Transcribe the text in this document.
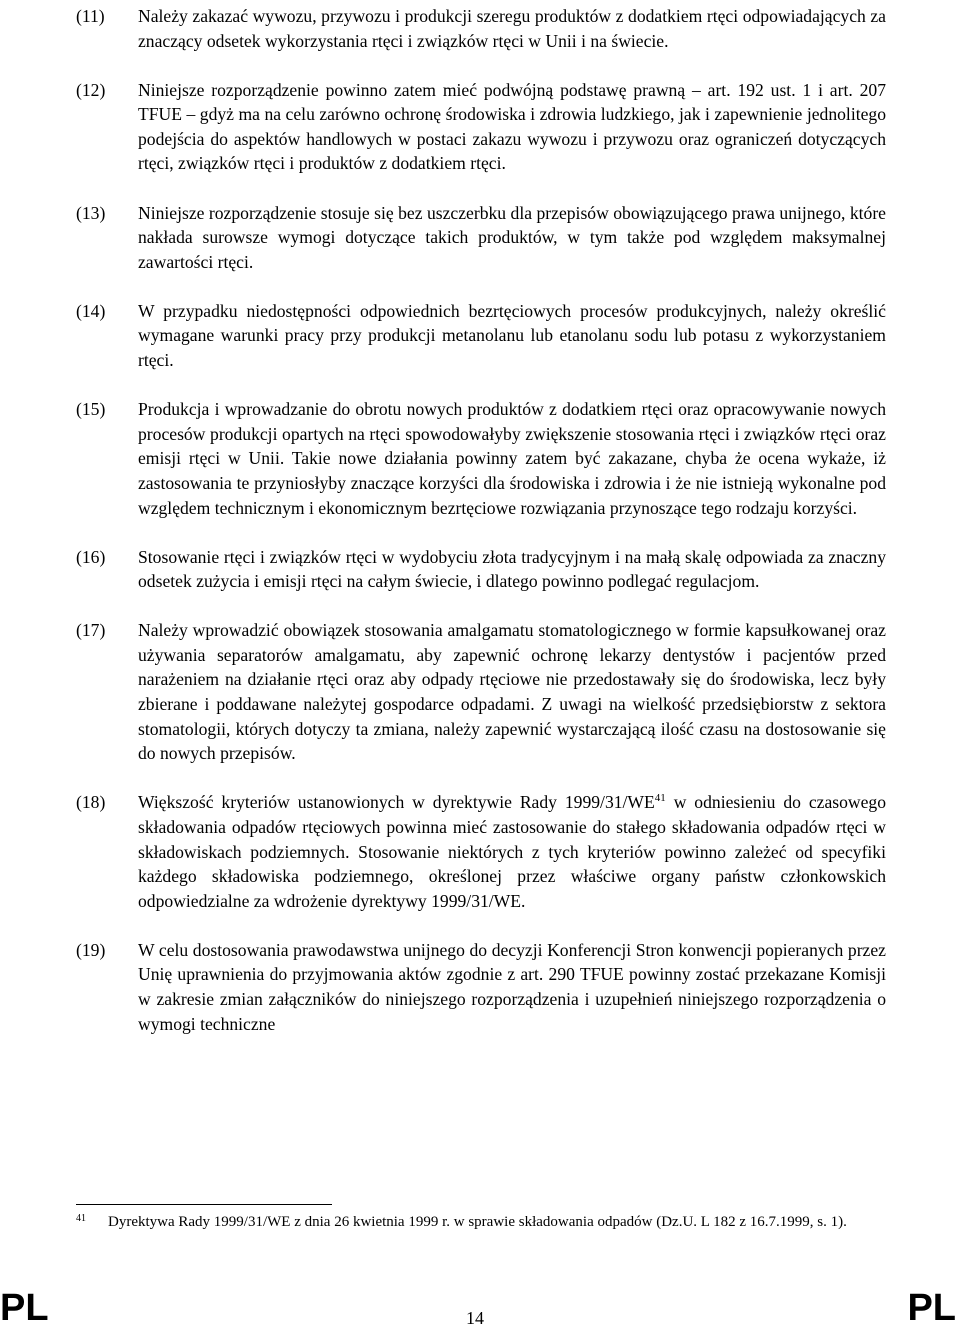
(11)	Należy zakazać wywozu, przywozu i produkcji szeregu produktów z dodatkiem rtęci odpowiadających za znaczący odsetek wykorzystania rtęci i związków rtęci w Unii i na świecie.
(12)	Niniejsze rozporządzenie powinno zatem mieć podwójną podstawę prawną – art. 192 ust. 1 i art. 207 TFUE – gdyż ma na celu zarówno ochronę środowiska i zdrowia ludzkiego, jak i zapewnienie jednolitego podejścia do aspektów handlowych w postaci zakazu wywozu i przywozu oraz ograniczeń dotyczących rtęci, związków rtęci i produktów z dodatkiem rtęci.
(13)	Niniejsze rozporządzenie stosuje się bez uszczerbku dla przepisów obowiązującego prawa unijnego, które nakłada surowsze wymogi dotyczące takich produktów, w tym także pod względem maksymalnej zawartości rtęci.
(14)	W przypadku niedostępności odpowiednich bezrtęciowych procesów produkcyjnych, należy określić wymagane warunki pracy przy produkcji metanolanu lub etanolanu sodu lub potasu z wykorzystaniem rtęci.
(15)	Produkcja i wprowadzanie do obrotu nowych produktów z dodatkiem rtęci oraz opracowywanie nowych procesów produkcji opartych na rtęci spowodowałyby zwiększenie stosowania rtęci i związków rtęci oraz emisji rtęci w Unii. Takie nowe działania powinny zatem być zakazane, chyba że ocena wykaże, iż zastosowania te przyniosłyby znaczące korzyści dla środowiska i zdrowia i że nie istnieją wykonalne pod względem technicznym i ekonomicznym bezrtęciowe rozwiązania przynoszące tego rodzaju korzyści.
(16)	Stosowanie rtęci i związków rtęci w wydobyciu złota tradycyjnym i na małą skalę odpowiada za znaczny odsetek zużycia i emisji rtęci na całym świecie, i dlatego powinno podlegać regulacjom.
(17)	Należy wprowadzić obowiązek stosowania amalgamatu stomatologicznego w formie kapsułkowanej oraz używania separatorów amalgamatu, aby zapewnić ochronę lekarzy dentystów i pacjentów przed narażeniem na działanie rtęci oraz aby odpady rtęciowe nie przedostawały się do środowiska, lecz były zbierane i poddawane należytej gospodarce odpadami. Z uwagi na wielkość przedsiębiorstw z sektora stomatologii, których dotyczy ta zmiana, należy zapewnić wystarczającą ilość czasu na dostosowanie się do nowych przepisów.
(18)	Większość kryteriów ustanowionych w dyrektywie Rady 1999/31/WE$^{41}$ w odniesieniu do czasowego składowania odpadów rtęciowych powinna mieć zastosowanie do stałego składowania odpadów rtęci w składowiskach podziemnych. Stosowanie niektórych z tych kryteriów powinno zależeć od specyfiki każdego składowiska podziemnego, określonej przez właściwe organy państw członkowskich odpowiedzialne za wdrożenie dyrektywy 1999/31/WE.
(19)	W celu dostosowania prawodawstwa unijnego do decyzji Konferencji Stron konwencji popieranych przez Unię uprawnienia do przyjmowania aktów zgodnie z art. 290 TFUE powinny zostać przekazane Komisji w zakresie zmian załączników do niniejszego rozporządzenia i uzupełnień niniejszego rozporządzenia o wymogi techniczne
41	Dyrektywa Rady 1999/31/WE z dnia 26 kwietnia 1999 r. w sprawie składowania odpadów (Dz.U. L 182 z 16.7.1999, s. 1).
PL	14	PL
